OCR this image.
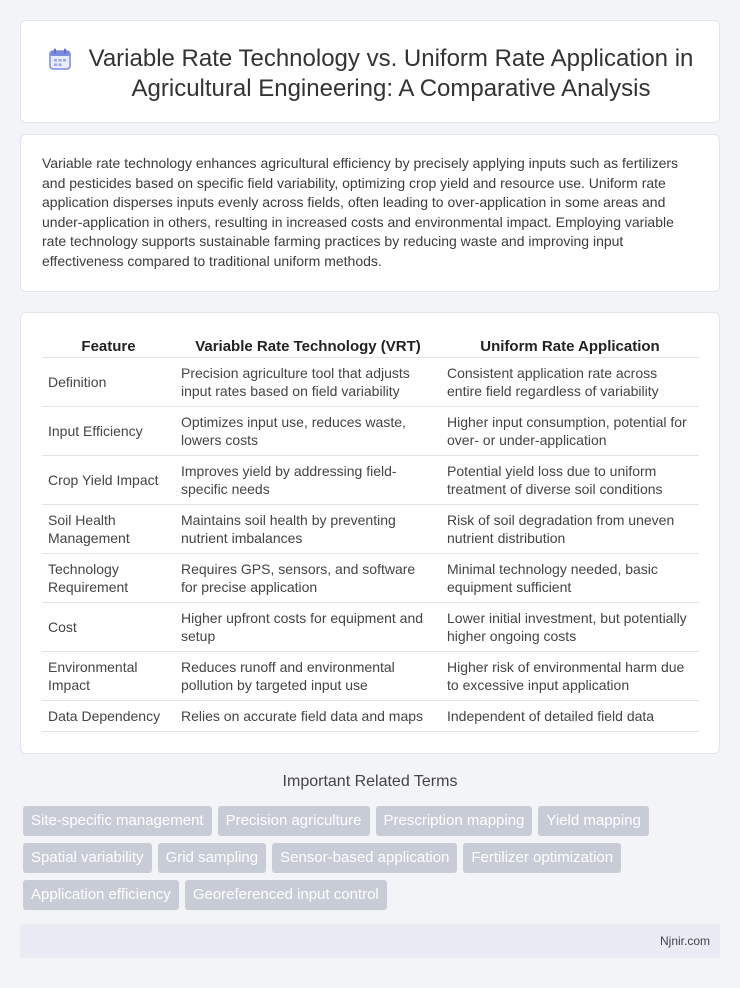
Variable Rate Technology vs. Uniform Rate Application in Agricultural Engineering: A Comparative Analysis

Variable rate technology enhances agricultural efficiency by precisely applying inputs such as fertilizers and pesticides based on specific field variability, optimizing crop yield and resource use. Uniform rate application disperses inputs evenly across fields, often leading to over-application in some areas and under-application in others, resulting in increased costs and environmental impact. Employing variable rate technology supports sustainable farming practices by reducing waste and improving input effectiveness compared to traditional uniform methods.

Feature	Variable Rate Technology (VRT)	Uniform Rate Application
Definition	Precision agriculture tool that adjusts input rates based on field variability	Consistent application rate across entire field regardless of variability
Input Efficiency	Optimizes input use, reduces waste, lowers costs	Higher input consumption, potential for over- or under-application
Crop Yield Impact	Improves yield by addressing field-specific needs	Potential yield loss due to uniform treatment of diverse soil conditions
Soil Health Management	Maintains soil health by preventing nutrient imbalances	Risk of soil degradation from uneven nutrient distribution
Technology Requirement	Requires GPS, sensors, and software for precise application	Minimal technology needed, basic equipment sufficient
Cost	Higher upfront costs for equipment and setup	Lower initial investment, but potentially higher ongoing costs
Environmental Impact	Reduces runoff and environmental pollution by targeted input use	Higher risk of environmental harm due to excessive input application
Data Dependency	Relies on accurate field data and maps	Independent of detailed field data
Important Related Terms
Site-specific management Precision agriculture Prescription mapping Yield mapping
Spatial variability Grid sampling Sensor-based application Fertilizer optimization
Application efficiency Georeferenced input control
Njnir.com
